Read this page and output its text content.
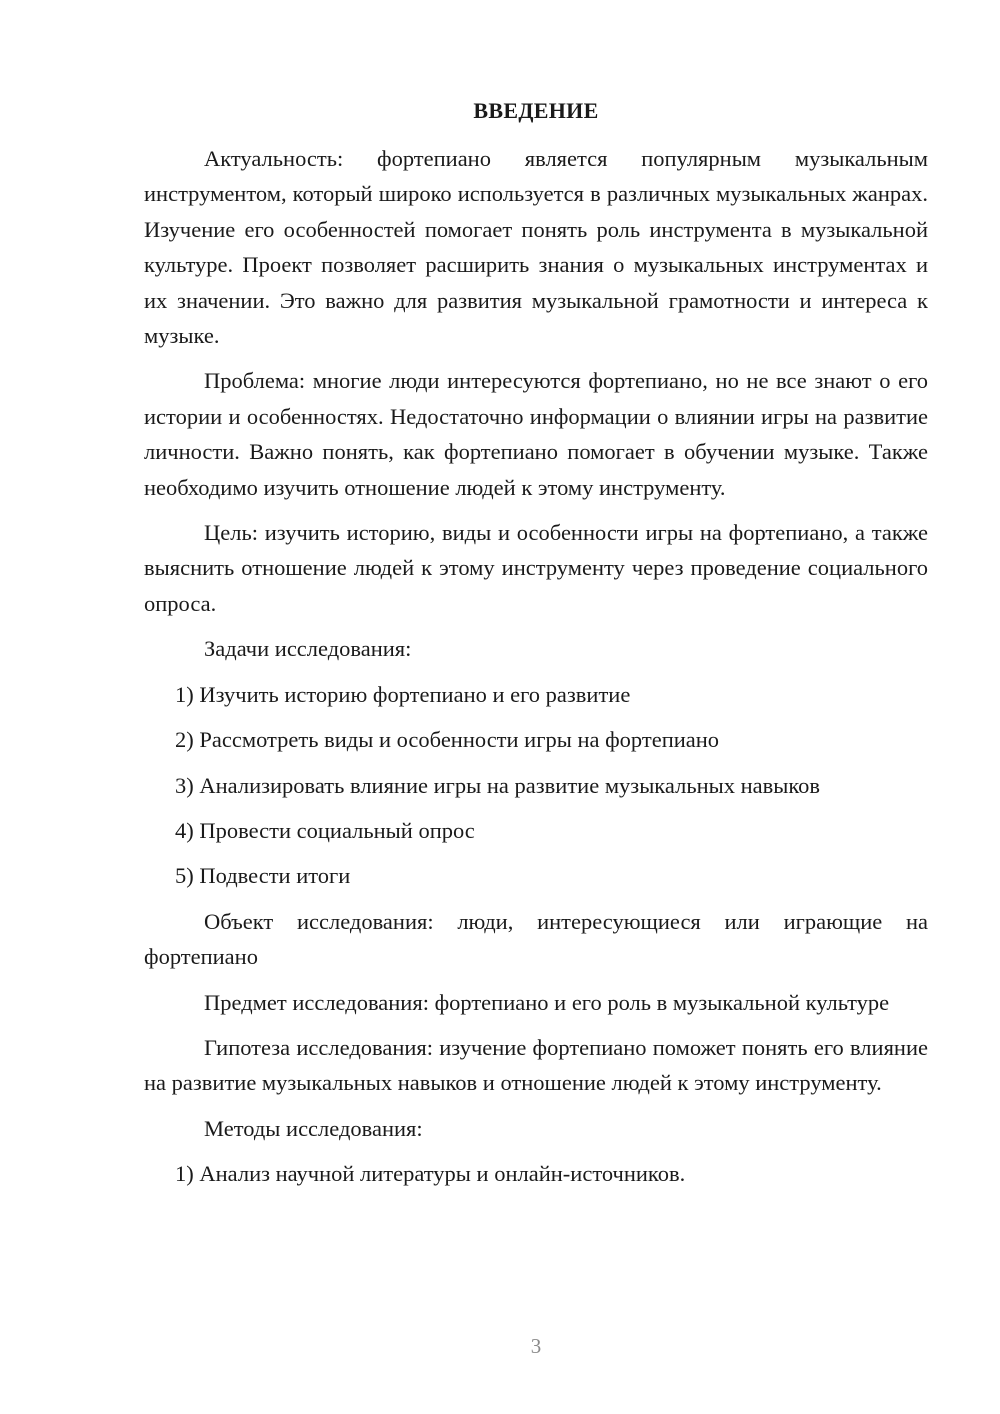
ВВЕДЕНИЕ

Актуальность: фортепиано является популярным музыкальным инструментом, который широко используется в различных музыкальных жанрах. Изучение его особенностей помогает понять роль инструмента в музыкальной культуре. Проект позволяет расширить знания о музыкальных инструментах и их значении. Это важно для развития музыкальной грамотности и интереса к музыке.

Проблема: многие люди интересуются фортепиано, но не все знают о его истории и особенностях. Недостаточно информации о влиянии игры на развитие личности. Важно понять, как фортепиано помогает в обучении музыке. Также необходимо изучить отношение людей к этому инструменту.

Цель: изучить историю, виды и особенности игры на фортепиано, а также выяснить отношение людей к этому инструменту через проведение социального опроса.

Задачи исследования:

1) Изучить историю фортепиано и его развитие

2) Рассмотреть виды и особенности игры на фортепиано

3) Анализировать влияние игры на развитие музыкальных навыков

4) Провести социальный опрос

5) Подвести итоги

Объект исследования: люди, интересующиеся или играющие на фортепиано

Предмет исследования: фортепиано и его роль в музыкальной культуре

Гипотеза исследования: изучение фортепиано поможет понять его влияние на развитие музыкальных навыков и отношение людей к этому инструменту.

Методы исследования:

1) Анализ научной литературы и онлайн-источников.

3
